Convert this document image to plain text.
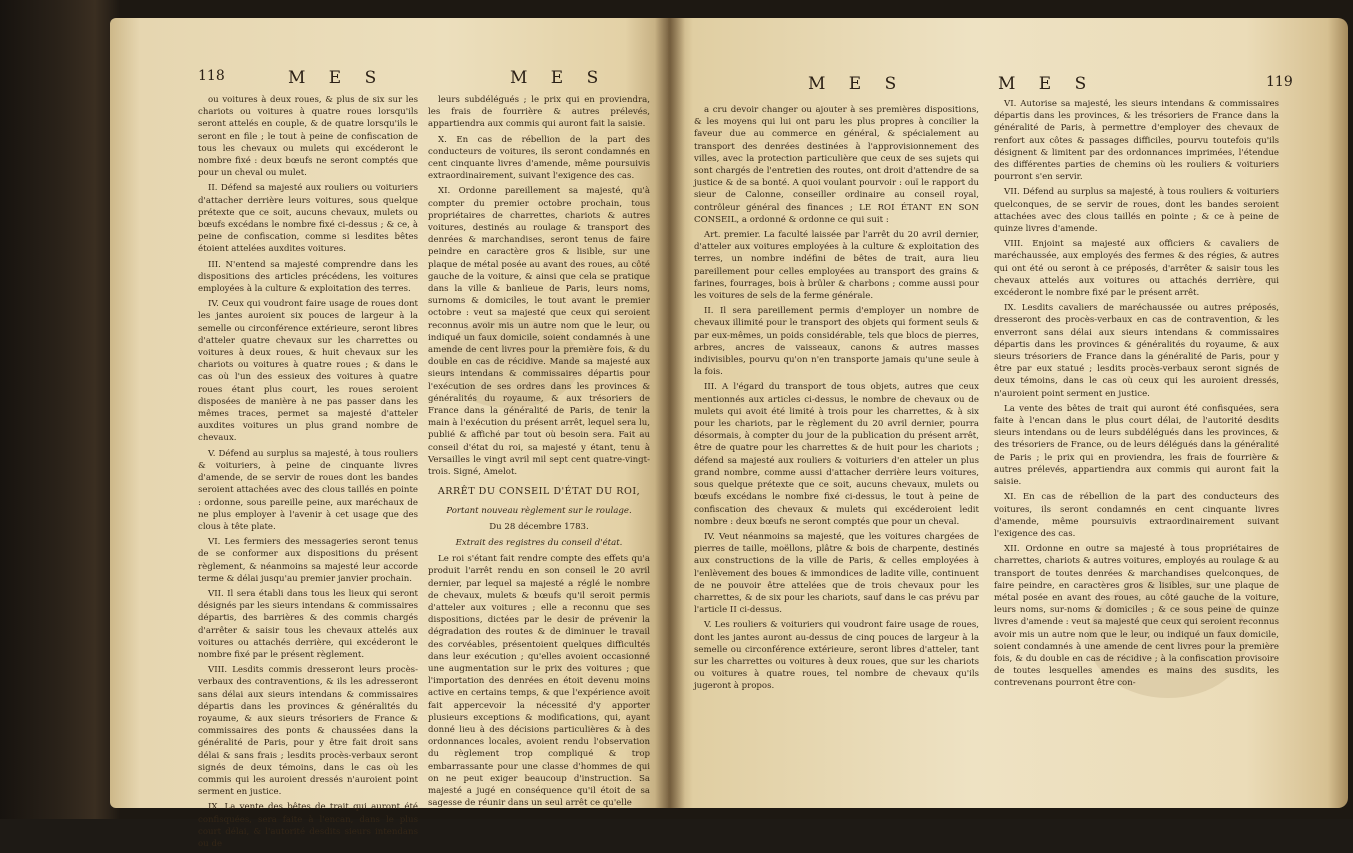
118	M E S	M E S

ou voitures à deux roues, & plus de six sur les chariots ou voitures à quatre roues lorsqu'ils seront attelés en couple, & de quatre lorsqu'ils le seront en file ; le tout à peine de confiscation de tous les chevaux ou mulets qui excéderont le nombre fixé : deux bœufs ne seront comptés que pour un cheval ou mulet.

II. Défend sa majesté aux rouliers ou voituriers d'attacher derrière leurs voitures, sous quelque prétexte que ce soit, aucuns chevaux, mulets ou bœufs excédans le nombre fixé ci-dessus ; & ce, à peine de confiscation, comme si lesdites bêtes étoient attelées auxdites voitures.

III. N'entend sa majesté comprendre dans les dispositions des articles précédens, les voitures employées à la culture & exploitation des terres.

IV. Ceux qui voudront faire usage de roues dont les jantes auroient six pouces de largeur à la semelle ou circonférence extérieure, seront libres d'atteler quatre chevaux sur les charrettes ou voitures à deux roues, & huit chevaux sur les chariots ou voitures à quatre roues ; & dans le cas où l'un des essieux des voitures à quatre roues étant plus court, les roues seroient disposées de manière à ne pas passer dans les mêmes traces, permet sa majesté d'atteler auxdites voitures un plus grand nombre de chevaux.

V. Défend au surplus sa majesté, à tous rouliers & voituriers, à peine de cinquante livres d'amende, de se servir de roues dont les bandes seroient attachées avec des clous taillés en pointe : ordonne, sous pareille peine, aux maréchaux de ne plus employer à l'avenir à cet usage que des clous à tête plate.

VI. Les fermiers des messageries seront tenus de se conformer aux dispositions du présent règlement, & néanmoins sa majesté leur accorde terme & délai jusqu'au premier janvier prochain.

VII. Il sera établi dans tous les lieux qui seront désignés par les sieurs intendans & commissaires départis, des barrières & des commis chargés d'arrêter & saisir tous les chevaux attelés aux voitures ou attachés derrière, qui excéderont le nombre fixé par le présent règlement.

VIII. Lesdits commis dresseront leurs procès-verbaux des contraventions, & ils les adresseront sans délai aux sieurs intendans & commissaires départis dans les provinces & généralités du royaume, & aux sieurs trésoriers de France & commissaires des ponts & chaussées dans la généralité de Paris, pour y être fait droit sans délai & sans frais ; lesdits procès-verbaux seront signés de deux témoins, dans le cas où les commis qui les auroient dressés n'auroient point serment en justice.

IX. La vente des bêtes de trait qui auront été confisquées, sera faite à l'encan, dans le plus court délai, & l'autorité desdits sieurs intendans ou de

leurs subdélégués ; le prix qui en proviendra, les frais de fourrière & autres prélevés, appartiendra aux commis qui auront fait la saisie.

X. En cas de rébellion de la part des conducteurs de voitures, ils seront condamnés en cent cinquante livres d'amende, même poursuivis extraordinairement, suivant l'exigence des cas.

XI. Ordonne pareillement sa majesté, qu'à compter du premier octobre prochain, tous propriétaires de charrettes, chariots & autres voitures, destinés au roulage & transport des denrées & marchandises, seront tenus de faire peindre en caractère gros & lisible, sur une plaque de métal posée au avant des roues, au côté gauche de la voiture, & ainsi que cela se pratique dans la ville & banlieue de Paris, leurs noms, surnoms & domiciles, le tout avant le premier octobre : veut sa majesté que ceux qui seroient reconnus avoir mis un autre nom que le leur, ou indiqué un faux domicile, soient condamnés à une amende de cent livres pour la première fois, & du double en cas de récidive. Mande sa majesté aux sieurs intendans & commissaires départis pour l'exécution de ses ordres dans les provinces & généralités du royaume, & aux trésoriers de France dans la généralité de Paris, de tenir la main à l'exécution du présent arrêt, lequel sera lu, publié & affiché par tout où besoin sera. Fait au conseil d'état du roi, sa majesté y étant, tenu à Versailles le vingt avril mil sept cent quatre-vingt-trois. Signé, Amelot.

ARRÊT DU CONSEIL D'ÉTAT DU ROI,

Portant nouveau règlement sur le roulage.

Du 28 décembre 1783.

Extrait des registres du conseil d'état.

Le roi s'étant fait rendre compte des effets qu'a produit l'arrêt rendu en son conseil le 20 avril dernier, par lequel sa majesté a réglé le nombre de chevaux, mulets & bœufs qu'il seroit permis d'atteler aux voitures ; elle a reconnu que ses dispositions, dictées par le desir de prévenir la dégradation des routes & de diminuer le travail des corvéables, présentoient quelques difficultés dans leur exécution ; qu'elles avoient occasionné une augmentation sur le prix des voitures ; que l'importation des denrées en étoit devenu moins active en certains temps, & que l'expérience avoit fait appercevoir la nécessité d'y apporter plusieurs exceptions & modifications, qui, ayant donné lieu à des décisions particulières & à des ordonnances locales, avoient rendu l'observation du règlement trop compliqué & trop embarrassante pour une classe d'hommes de qui on ne peut exiger beaucoup d'instruction. Sa majesté a jugé en conséquence qu'il étoit de sa sagesse de réunir dans un seul arrêt ce qu'elle

M E S	M E S	119

a cru devoir changer ou ajouter à ses premières dispositions, & les moyens qui lui ont paru les plus propres à concilier la faveur due au commerce en général, & spécialement au transport des denrées destinées à l'approvisionnement des villes, avec la protection particulière que ceux de ses sujets qui sont chargés de l'entretien des routes, ont droit d'attendre de sa justice & de sa bonté. A quoi voulant pourvoir : ouï le rapport du sieur de Calonne, conseiller ordinaire au conseil royal, contrôleur général des finances ; LE ROI ÉTANT EN SON CONSEIL, a ordonné & ordonne ce qui suit :

Art. premier. La faculté laissée par l'arrêt du 20 avril dernier, d'atteler aux voitures employées à la culture & exploitation des terres, un nombre indéfini de bêtes de trait, aura lieu pareillement pour celles employées au transport des grains & farines, fourrages, bois à brûler & charbons ; comme aussi pour les voitures de sels de la ferme générale.

II. Il sera pareillement permis d'employer un nombre de chevaux illimité pour le transport des objets qui forment seuls & par eux-mêmes, un poids considérable, tels que blocs de pierres, arbres, ancres de vaisseaux, canons & autres masses indivisibles, pourvu qu'on n'en transporte jamais qu'une seule à la fois.

III. A l'égard du transport de tous objets, autres que ceux mentionnés aux articles ci-dessus, le nombre de chevaux ou de mulets qui avoit été limité à trois pour les charrettes, & à six pour les chariots, par le règlement du 20 avril dernier, pourra désormais, à compter du jour de la publication du présent arrêt, être de quatre pour les charrettes & de huit pour les chariots ; défend sa majesté aux rouliers & voituriers d'en atteler un plus grand nombre, comme aussi d'attacher derrière leurs voitures, sous quelque prétexte que ce soit, aucuns chevaux, mulets ou bœufs excédans le nombre fixé ci-dessus, le tout à peine de confiscation des chevaux & mulets qui excéderoient ledit nombre : deux bœufs ne seront comptés que pour un cheval.

IV. Veut néanmoins sa majesté, que les voitures chargées de pierres de taille, moëllons, plâtre & bois de charpente, destinés aux constructions de la ville de Paris, & celles employées à l'enlèvement des boues & immondices de ladite ville, continuent de ne pouvoir être attelées que de trois chevaux pour les charrettes, & de six pour les chariots, sauf dans le cas prévu par l'article II ci-dessus.

V. Les rouliers & voituriers qui voudront faire usage de roues, dont les jantes auront au-dessus de cinq pouces de largeur à la semelle ou circonférence extérieure, seront libres d'atteler, tant sur les charrettes ou voitures à deux roues, que sur les chariots ou voitures à quatre roues, tel nombre de chevaux qu'ils jugeront à propos.

VI. Autorise sa majesté, les sieurs intendans & commissaires départis dans les provinces, & les trésoriers de France dans la généralité de Paris, à permettre d'employer des chevaux de renfort aux côtes & passages difficiles, pourvu toutefois qu'ils désignent & limitent par des ordonnances imprimées, l'étendue des différentes parties de chemins où les rouliers & voituriers pourront s'en servir.

VII. Défend au surplus sa majesté, à tous rouliers & voituriers quelconques, de se servir de roues, dont les bandes seroient attachées avec des clous taillés en pointe ; & ce à peine de quinze livres d'amende.

VIII. Enjoint sa majesté aux officiers & cavaliers de maréchaussée, aux employés des fermes & des régies, & autres qui ont été ou seront à ce préposés, d'arrêter & saisir tous les chevaux attelés aux voitures ou attachés derrière, qui excéderont le nombre fixé par le présent arrêt.

IX. Lesdits cavaliers de maréchaussée ou autres préposés, dresseront des procès-verbaux en cas de contravention, & les enverront sans délai aux sieurs intendans & commissaires départis dans les provinces & généralités du royaume, & aux sieurs trésoriers de France dans la généralité de Paris, pour y être par eux statué ; lesdits procès-verbaux seront signés de deux témoins, dans le cas où ceux qui les auroient dressés, n'auroient point serment en justice.

La vente des bêtes de trait qui auront été confisquées, sera faite à l'encan dans le plus court délai, de l'autorité desdits sieurs intendans ou de leurs subdélégués dans les provinces, & des trésoriers de France, ou de leurs délégués dans la généralité de Paris ; le prix qui en proviendra, les frais de fourrière & autres prélevés, appartiendra aux commis qui auront fait la saisie.

XI. En cas de rébellion de la part des conducteurs des voitures, ils seront condamnés en cent cinquante livres d'amende, même poursuivis extraordinairement suivant l'exigence des cas.

XII. Ordonne en outre sa majesté à tous propriétaires de charrettes, chariots & autres voitures, employés au roulage & au transport de toutes denrées & marchandises quelconques, de faire peindre, en caractères gros & lisibles, sur une plaque de métal posée en avant des roues, au côté gauche de la voiture, leurs noms, sur-noms & domiciles ; & ce sous peine de quinze livres d'amende : veut sa majesté que ceux qui seroient reconnus avoir mis un autre nom que le leur, ou indiqué un faux domicile, soient condamnés à une amende de cent livres pour la première fois, & du double en cas de récidive ; à la confiscation provisoire de toutes lesquelles amendes es mains des susdits, les contrevenans pourront être con-
